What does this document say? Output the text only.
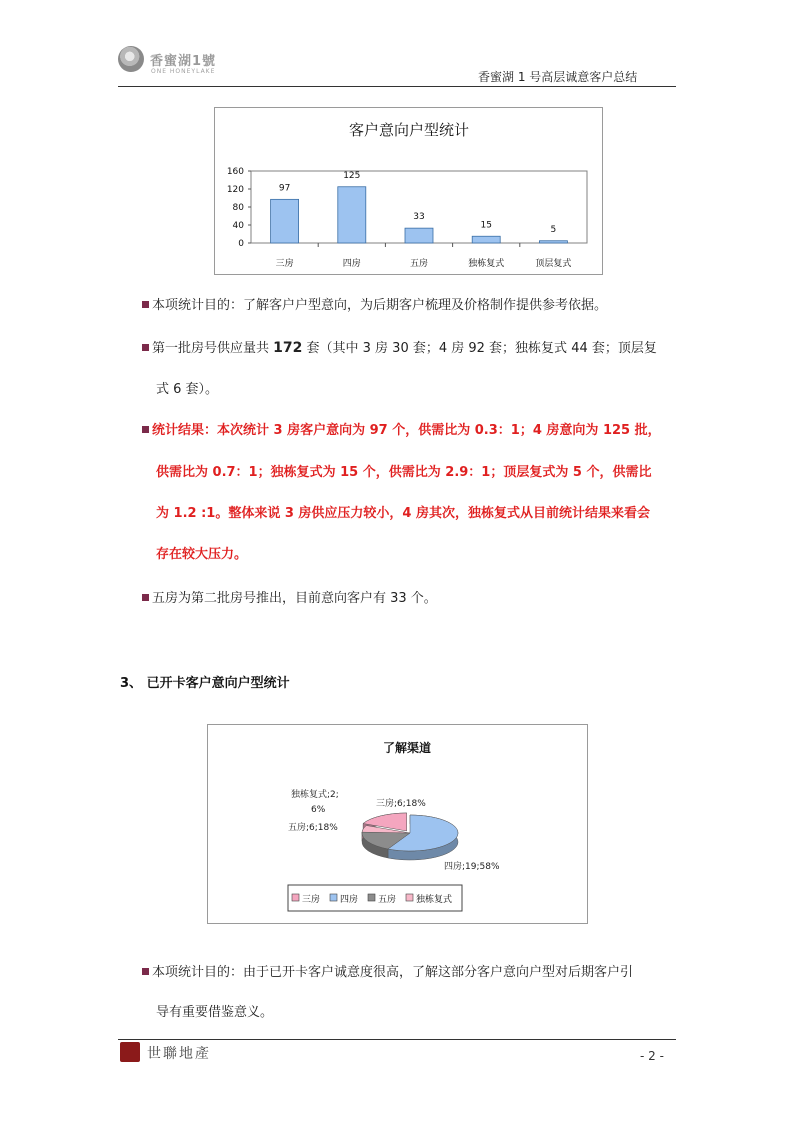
香蜜湖1號
ONE HONEYLAKE	香蜜湖 1 号高层诚意客户总结
客户意向户型统计
0
40
80
120
160
97
三房
125
四房
33
五房
15
独栋复式
5
顶层复式
本项统计目的：了解客户户型意向，为后期客户梳理及价格制作提供参考依据。
第一批房号供应量共 172 套（其中 3 房 30 套；4 房 92 套；独栋复式 44 套；顶层复
式 6 套）。
统计结果：本次统计 3 房客户意向为 97 个，供需比为 0.3：1；4 房意向为 125 批，
供需比为 0.7：1；独栋复式为 15 个，供需比为 2.9：1；顶层复式为 5 个，供需比
为 1.2 :1。整体来说 3 房供应压力较小，4 房其次，独栋复式从目前统计结果来看会
存在较大压力。
五房为第二批房号推出，目前意向客户有 33 个。
3、 已开卡客户意向户型统计
了解渠道
三房;6;18%
四房;19;58%
五房;6;18%
独栋复式;2;
6%
三房 四房 五房 独栋复式
本项统计目的：由于已开卡客户诚意度很高，了解这部分客户意向户型对后期客户引
导有重要借鉴意义。
世聯地產	- 2 -
